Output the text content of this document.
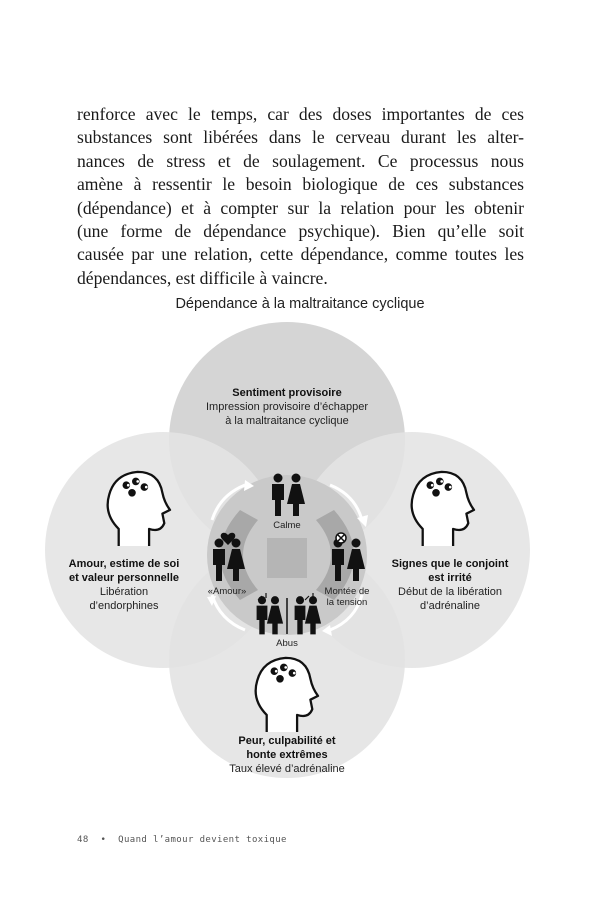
renforce avec le temps, car des doses importantes de ces
substances sont libérées dans le cerveau durant les alter-
nances de stress et de soulagement. Ce processus nous
amène à ressentir le besoin biologique de ces substances
(dépendance) et à compter sur la relation pour les obtenir
(une forme de dépendance psychique). Bien qu’elle soit
causée par une relation, cette dépendance, comme toutes les
dépendances, est difficile à vaincre.
Dépendance à la maltraitance cyclique
Calme
«Amour»	Montée de
la tension
Abus
Sentiment provisoire
Impression provisoire d’échapper
à la maltraitance cyclique
Amour, estime de soi
et valeur personnelle
Libération
d’endorphines
Signes que le conjoint
est irrité
Début de la libération
d’adrénaline
Peur, culpabilité et
honte extrêmes
Taux élevé d’adrénaline
48 • Quand l’amour devient toxique
